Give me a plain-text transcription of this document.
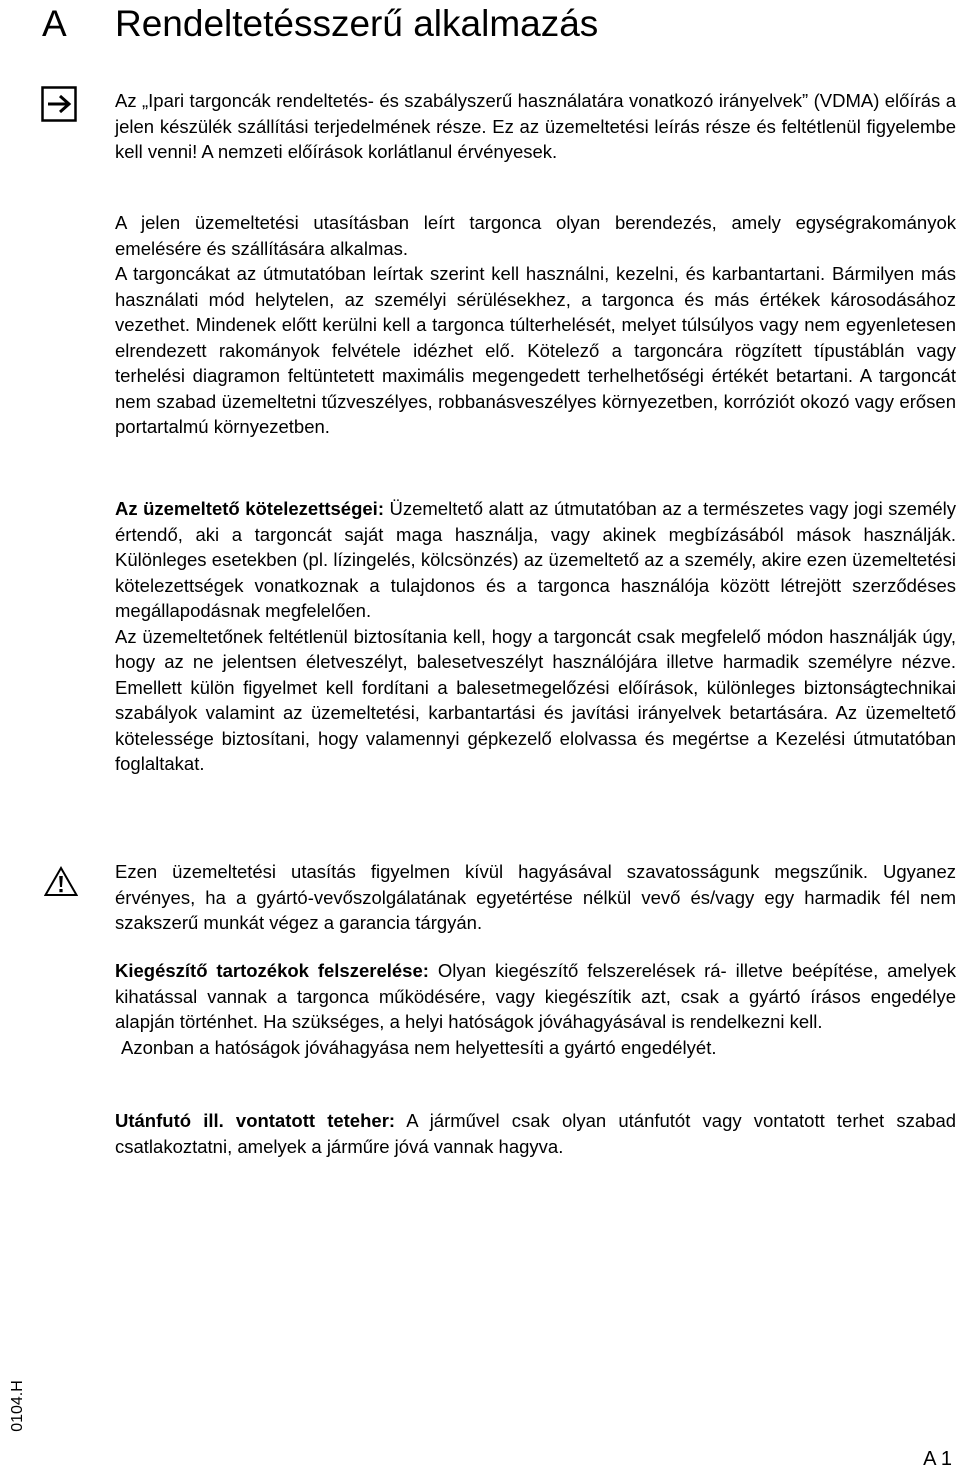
A Rendeltetésszerű alkalmazás

Az „Ipari targoncák rendeltetés- és szabályszerű használatára vonatkozó irányelvek” (VDMA) előírás a jelen készülék szállítási terjedelmének része. Ez az üzemeltetési leírás része és feltétlenül figyelembe kell venni! A nemzeti előírások korlátlanul érvényesek.

A jelen üzemeltetési utasításban leírt targonca olyan berendezés, amely egységrakományok emelésére és szállítására alkalmas.

A targoncákat az útmutatóban leírtak szerint kell használni, kezelni, és karbantartani. Bármilyen más használati mód helytelen, az személyi sérülésekhez, a targonca és más értékek károsodásához vezethet. Mindenek előtt kerülni kell a targonca túlterhelését, melyet túlsúlyos vagy nem egyenletesen elrendezett rakományok felvétele idézhet elő. Kötelező a targoncára rögzített típustáblán vagy terhelési diagramon feltüntetett maximális megengedett terhelhetőségi értékét betartani. A targoncát nem szabad üzemeltetni tűzveszélyes, robbanásveszélyes környezetben, korróziót okozó vagy erősen portartalmú környezetben.

Az üzemeltető kötelezettségei: Üzemeltető alatt az útmutatóban az a természetes vagy jogi személy értendő, aki a targoncát saját maga használja, vagy akinek megbízásából mások használják. Különleges esetekben (pl. lízingelés, kölcsönzés) az üzemeltető az a személy, akire ezen üzemeltetési kötelezettségek vonatkoznak a tulajdonos és a targonca használója között létrejött szerződéses megállapodásnak megfelelően.

Az üzemeltetőnek feltétlenül biztosítania kell, hogy a targoncát csak megfelelő módon használják úgy, hogy az ne jelentsen életveszélyt, balesetveszélyt használójára illetve harmadik személyre nézve. Emellett külön figyelmet kell fordítani a balesetmegelőzési előírások, különleges biztonságtechnikai szabályok valamint az üzemeltetési, karbantartási és javítási irányelvek betartására. Az üzemeltető kötelessége biztosítani, hogy valamennyi gépkezelő elolvassa és megértse a Kezelési útmutatóban foglaltakat.

Ezen üzemeltetési utasítás figyelmen kívül hagyásával szavatosságunk megszűnik. Ugyanez érvényes, ha a gyártó-vevőszolgálatának egyetértése nélkül vevő és/vagy egy harmadik fél nem szakszerű munkát végez a garancia tárgyán.

Kiegészítő tartozékok felszerelése: Olyan kiegészítő felszerelések rá- illetve beépítése, amelyek kihatással vannak a targonca működésére, vagy kiegészítik azt, csak a gyártó írásos engedélye alapján történhet. Ha szükséges, a helyi hatóságok jóváhagyásával is rendelkezni kell.

Azonban a hatóságok jóváhagyása nem helyettesíti a gyártó engedélyét.

Utánfutó ill. vontatott teteher: A járművel csak olyan utánfutót vagy vontatott terhet szabad csatlakoztatni, amelyek a járműre jóvá vannak hagyva.

0104.H
A 1
